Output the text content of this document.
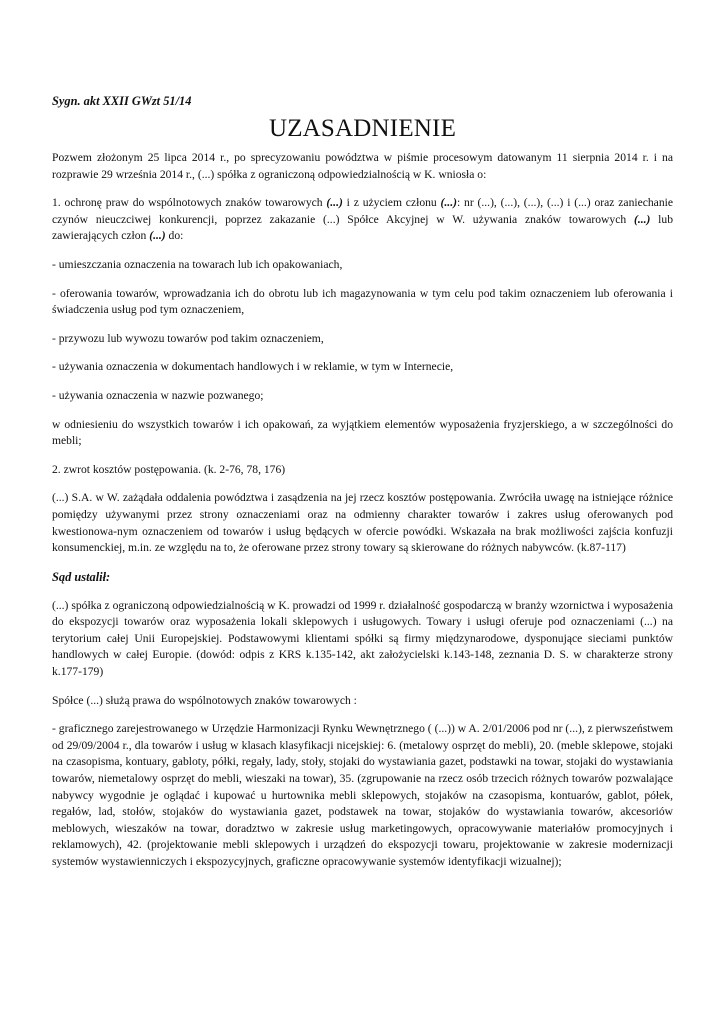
Sygn. akt XXII GWzt 51/14
UZASADNIENIE

Pozwem złożonym 25 lipca 2014 r., po sprecyzowaniu powództwa w piśmie procesowym datowanym 11 sierpnia 2014 r. i na rozprawie 29 września 2014 r., (...) spółka z ograniczoną odpowiedzialnością w K. wniosła o:

1. ochronę praw do wspólnotowych znaków towarowych (...) i z użyciem członu (...): nr (...), (...), (...), (...) i (...) oraz zaniechanie czynów nieuczciwej konkurencji, poprzez zakazanie (...) Spółce Akcyjnej w W. używania znaków towarowych (...) lub zawierających człon (...) do:

- umieszczania oznaczenia na towarach lub ich opakowaniach,

- oferowania towarów, wprowadzania ich do obrotu lub ich magazynowania w tym celu pod takim oznaczeniem lub oferowania i świadczenia usług pod tym oznaczeniem,

- przywozu lub wywozu towarów pod takim oznaczeniem,

- używania oznaczenia w dokumentach handlowych i w reklamie, w tym w Internecie,

- używania oznaczenia w nazwie pozwanego;

w odniesieniu do wszystkich towarów i ich opakowań, za wyjątkiem elementów wyposażenia fryzjerskiego, a w szczególności do mebli;

2. zwrot kosztów postępowania. (k. 2-76, 78, 176)

(...) S.A. w W. zażądała oddalenia powództwa i zasądzenia na jej rzecz kosztów postępowania. Zwróciła uwagę na istniejące różnice pomiędzy używanymi przez strony oznaczeniami oraz na odmienny charakter towarów i zakres usług oferowanych pod kwestionowa-nym oznaczeniem od towarów i usług będących w ofercie powódki. Wskazała na brak możliwości zajścia konfuzji konsumenckiej, m.in. ze względu na to, że oferowane przez strony towary są skierowane do różnych nabywców. (k.87-117)

Sąd ustalił:

(...) spółka z ograniczoną odpowiedzialnością w K. prowadzi od 1999 r. działalność gospodarczą w branży wzornictwa i wyposażenia do ekspozycji towarów oraz wyposażenia lokali sklepowych i usługowych. Towary i usługi oferuje pod oznaczeniami (...) na terytorium całej Unii Europejskiej. Podstawowymi klientami spółki są firmy międzynarodowe, dysponujące sieciami punktów handlowych w całej Europie. (dowód: odpis z KRS k.135-142, akt założycielski k.143-148, zeznania D. S. w charakterze strony k.177-179)

Spółce (...) służą prawa do wspólnotowych znaków towarowych :

- graficznego zarejestrowanego w Urzędzie Harmonizacji Rynku Wewnętrznego ( (...)) w A. 2/01/2006 pod nr (...), z pierwszeństwem od 29/09/2004 r., dla towarów i usług w klasach klasyfikacji nicejskiej: 6. (metalowy osprzęt do mebli), 20. (meble sklepowe, stojaki na czasopisma, kontuary, gabloty, półki, regały, lady, stoły, stojaki do wystawiania gazet, podstawki na towar, stojaki do wystawiania towarów, niemetalowy osprzęt do mebli, wieszaki na towar), 35. (zgrupowanie na rzecz osób trzecich różnych towarów pozwalające nabywcy wygodnie je oglądać i kupować u hurtownika mebli sklepowych, stojaków na czasopisma, kontuarów, gablot, półek, regałów, lad, stołów, stojaków do wystawiania gazet, podstawek na towar, stojaków do wystawiania towarów, akcesoriów meblowych, wieszaków na towar, doradztwo w zakresie usług marketingowych, opracowywanie materiałów promocyjnych i reklamowych), 42. (projektowanie mebli sklepowych i urządzeń do ekspozycji towaru, projektowanie w zakresie modernizacji systemów wystawienniczych i ekspozycyjnych, graficzne opracowywanie systemów identyfikacji wizualnej);
